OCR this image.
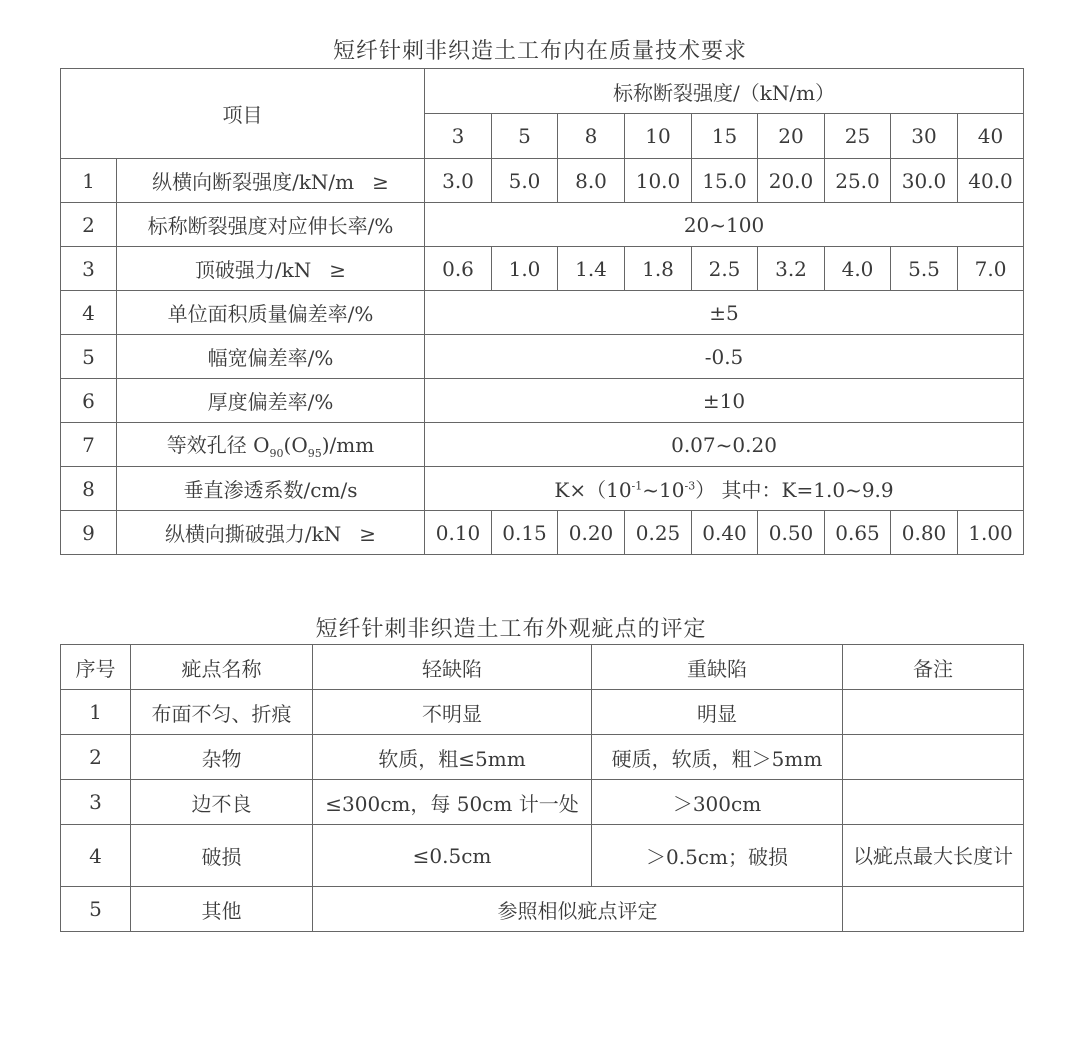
短纤针刺非织造土工布内在质量技术要求
项目		标称断裂强度/（kN/m）								
		3	5	8	10	15	20	25	30	40
1	纵横向断裂强度/kN/m ≥	3.0	5.0	8.0	10.0	15.0	20.0	25.0	30.0	40.0
2	标称断裂强度对应伸长率/%	20~100								
3	顶破强力/kN ≥	0.6	1.0	1.4	1.8	2.5	3.2	4.0	5.5	7.0
4	单位面积质量偏差率/%	±5								
5	幅宽偏差率/%	-0.5								
6	厚度偏差率/%	±10								
7	等效孔径 $O_{90}(O_{95})/mm$	0.07~0.20								
8	垂直渗透系数/cm/s	$K\times(10^{-1}\sim 10^{-3})$ 其中：K=1.0~9.9								
9	纵横向撕破强力/kN ≥	0.10	0.15	0.20	0.25	0.40	0.50	0.65	0.80	1.00
短纤针刺非织造土工布外观疵点的评定
序号	疵点名称	轻缺陷	重缺陷	备注
1	布面不匀、折痕	不明显	明显	
2	杂物	软质，粗≤5mm	硬质，软质，粗＞5mm	
3	边不良	≤300cm，每 50cm 计一处	＞300cm	
4	破损	≤0.5cm	＞0.5cm；破损	以疵点最大长度计
5	其他	参照相似疵点评定		
